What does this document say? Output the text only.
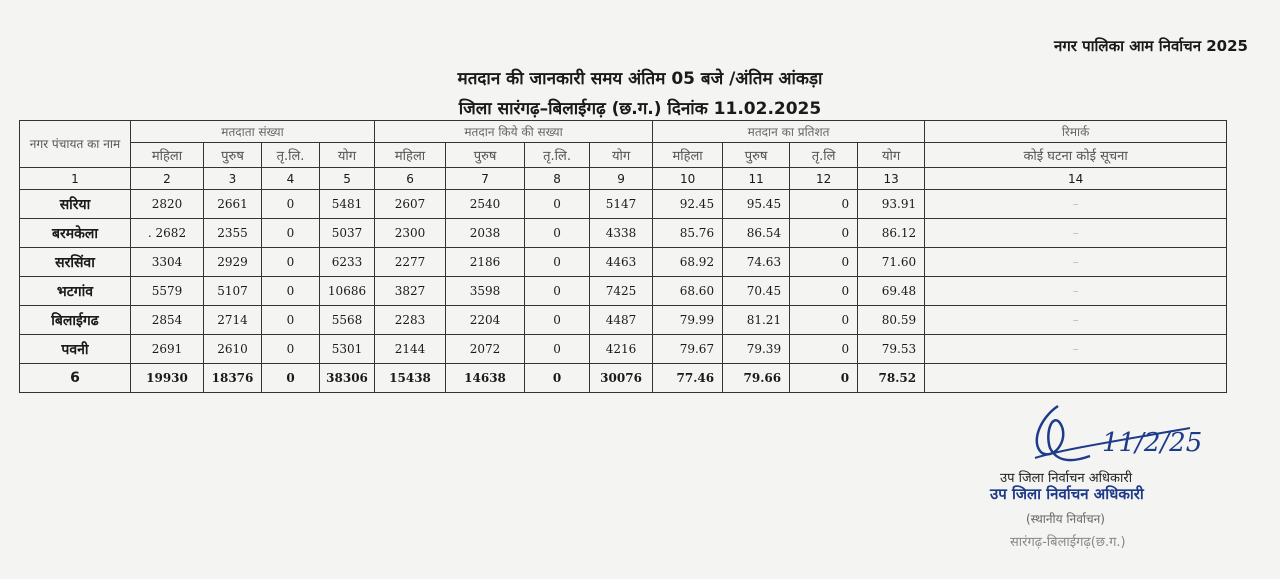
नगर पालिका आम निर्वाचन 2025
मतदान की जानकारी समय अंतिम 05 बजे /अंतिम आंकड़ा
जिला सारंगढ़–बिलाईगढ़ (छ.ग.) दिनांक 11.02.2025
नगर पंचायत का नाम	मतदाता संख्या				मतदान किये की सख्या				मतदान का प्रतिशत				रिमार्क
	महिला	पुरुष	तृ.लि.	योग	महिला	पुरुष	तृ.लि.	योग	महिला	पुरुष	तृ.लि	योग	कोई घटना कोई सूचना
1	2	3	4	5	6	7	8	9	10	11	12	13	14
सरिया	2820	2661	0	5481	2607	2540	0	5147	92.45	95.45	0	93.91	–
बरमकेला	. 2682	2355	0	5037	2300	2038	0	4338	85.76	86.54	0	86.12	–
सरसिंवा	3304	2929	0	6233	2277	2186	0	4463	68.92	74.63	0	71.60	–
भटगांव	5579	5107	0	10686	3827	3598	0	7425	68.60	70.45	0	69.48	–
बिलाईगढ	2854	2714	0	5568	2283	2204	0	4487	79.99	81.21	0	80.59	–
पवनी	2691	2610	0	5301	2144	2072	0	4216	79.67	79.39	0	79.53	–
6	19930	18376	0	38306	15438	14638	0	30076	77.46	79.66	0	78.52	
11/2/25
उप जिला निर्वाचन अधिकारी
उप जिला निर्वाचन अधिकारी
(स्थानीय निर्वाचन)
सारंगढ़-बिलाईगढ़(छ.ग.)
